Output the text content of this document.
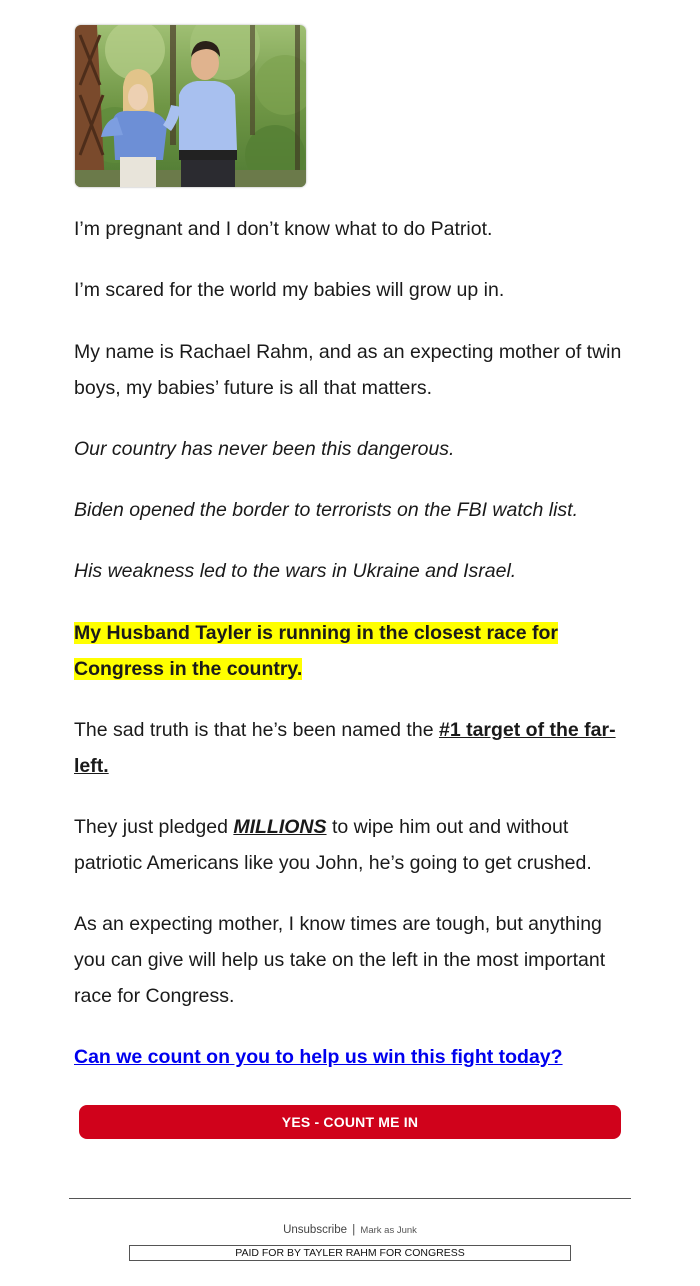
I’m pregnant and I don’t know what to do Patriot.

I’m scared for the world my babies will grow up in.

My name is Rachael Rahm, and as an expecting mother of twin boys, my babies’ future is all that matters.

Our country has never been this dangerous.

Biden opened the border to terrorists on the FBI watch list.

His weakness led to the wars in Ukraine and Israel.

My Husband Tayler is running in the closest race for Congress in the country.

The sad truth is that he’s been named the #1 target of the far-left.

They just pledged MILLIONS to wipe him out and without patriotic Americans like you John, he’s going to get crushed.

As an expecting mother, I know times are tough, but anything you can give will help us take on the left in the most important race for Congress.

Can we count on you to help us win this fight today?

YES - COUNT ME IN
Unsubscribe | Mark as Junk
PAID FOR BY TAYLER RAHM FOR CONGRESS
